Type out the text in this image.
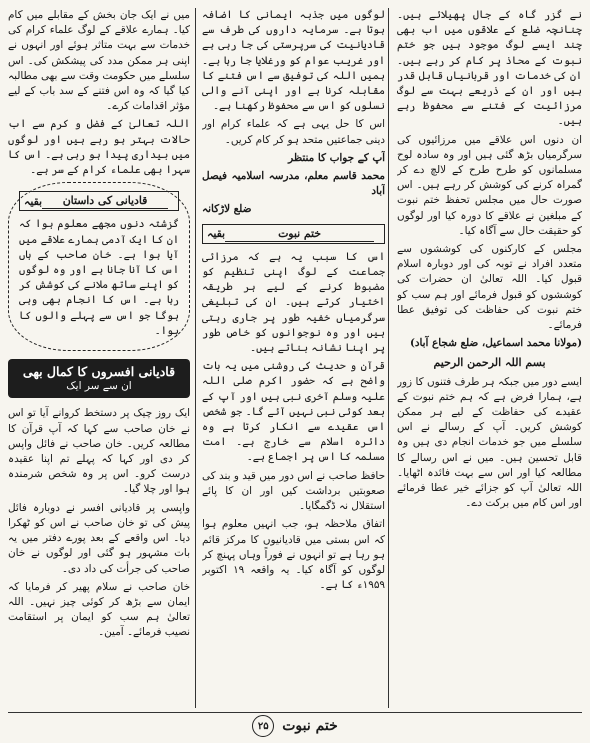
نے گزر گاہ کے جال پھیلائے ہیں۔ چنانچہ ضلع کے علاقوں میں اب بھی چند ایسے لوگ موجود ہیں جو ختم نبوت کے محاذ پر کام کر رہے ہیں۔ ان کی خدمات اور قربانیاں قابل قدر ہیں اور ان کے ذریعے بہت سے لوگ مرزائیت کے فتنے سے محفوظ رہے ہیں۔

ان دنوں اس علاقے میں مرزائیوں کی سرگرمیاں بڑھ گئی ہیں اور وہ سادہ لوح مسلمانوں کو طرح طرح کے لالچ دے کر گمراہ کرنے کی کوشش کر رہے ہیں۔ اس صورت حال میں مجلس تحفظ ختم نبوت کے مبلغین نے علاقے کا دورہ کیا اور لوگوں کو حقیقت حال سے آگاہ کیا۔

مجلس کے کارکنوں کی کوششوں سے متعدد افراد نے توبہ کی اور دوبارہ اسلام قبول کیا۔ اللہ تعالیٰ ان حضرات کی کوششوں کو قبول فرمائے اور ہم سب کو ختم نبوت کی حفاظت کی توفیق عطا فرمائے۔

(مولانا محمد اسماعیل، ضلع شجاع آباد)

بسم اللہ الرحمن الرحیم

ایسے دور میں جبکہ ہر طرف فتنوں کا زور ہے، ہمارا فرض ہے کہ ہم ختم نبوت کے عقیدے کی حفاظت کے لیے ہر ممکن کوشش کریں۔ آپ کے رسالے نے اس سلسلے میں جو خدمات انجام دی ہیں وہ قابل تحسین ہیں۔ میں نے اس رسالے کا مطالعہ کیا اور اس سے بہت فائدہ اٹھایا۔ اللہ تعالیٰ آپ کو جزائے خیر عطا فرمائے اور اس کام میں برکت دے۔

لوگوں میں جذبہ ایمانی کا اضافہ ہوتا ہے۔ سرمایہ داروں کی طرف سے قادیانیت کی سرپرستی کی جا رہی ہے اور غریب عوام کو ورغلایا جا رہا ہے۔ ہمیں اللہ کی توفیق سے اس فتنے کا مقابلہ کرنا ہے اور اپنی آنے والی نسلوں کو اس سے محفوظ رکھنا ہے۔

اس کا حل یہی ہے کہ علماء کرام اور دینی جماعتیں متحد ہو کر کام کریں۔

آپ کے جواب کا منتظر

محمد قاسم معلم، مدرسہ اسلامیہ فیصل آباد

ضلع لاڑکانہ

ختم نبوت
بقیہ

اس کا سبب یہ ہے کہ مرزائی جماعت کے لوگ اپنی تنظیم کو مضبوط کرنے کے لیے ہر طریقہ اختیار کرتے ہیں۔ ان کی تبلیغی سرگرمیاں خفیہ طور پر جاری رہتی ہیں اور وہ نوجوانوں کو خاص طور پر اپنا نشانہ بناتے ہیں۔

قرآن و حدیث کی روشنی میں یہ بات واضح ہے کہ حضور اکرم صلی اللہ علیہ وسلم آخری نبی ہیں اور آپ کے بعد کوئی نبی نہیں آئے گا۔ جو شخص اس عقیدے سے انکار کرتا ہے وہ دائرہ اسلام سے خارج ہے۔ امت مسلمہ کا اس پر اجماع ہے۔

حافظ صاحب نے اس دور میں قید و بند کی صعوبتیں برداشت کیں اور ان کا پائے استقلال نہ ڈگمگایا۔

اتفاق ملاحظہ ہو، جب انہیں معلوم ہوا کہ اس بستی میں قادیانیوں کا مرکز قائم ہو رہا ہے تو انہوں نے فوراً وہاں پہنچ کر لوگوں کو آگاہ کیا۔ یہ واقعہ ۱۹ اکتوبر ۱۹۵۹ء کا ہے۔

میں نے ایک جان بخش کے مقابلے میں کام کیا۔ ہمارے علاقے کے لوگ علماء کرام کی خدمات سے بہت متاثر ہوئے اور انہوں نے اپنی ہر ممکن مدد کی پیشکش کی۔ اس سلسلے میں حکومت وقت سے بھی مطالبہ کیا گیا کہ وہ اس فتنے کے سد باب کے لیے مؤثر اقدامات کرے۔

اللہ تعالیٰ کے فضل و کرم سے اب حالات بہتر ہو رہے ہیں اور لوگوں میں بیداری پیدا ہو رہی ہے۔ اس کا سہرا بھی علماء کرام کے سر ہے۔

قادیانی کی داستان
بقیہ

گزشتہ دنوں مجھے معلوم ہوا کہ ان کا ایک آدمی ہمارے علاقے میں آیا ہوا ہے۔ خان صاحب کے ہاں اس کا آنا جانا ہے اور وہ لوگوں کو اپنے ساتھ ملانے کی کوشش کر رہا ہے۔ اس کا انجام بھی وہی ہوگا جو اس سے پہلے والوں کا ہوا۔

قادیانی افسروں کا کمال بھی
ان سے سر ایک

ایک روز چیک پر دستخط کروانے آیا تو اس نے خان صاحب سے کہا کہ آپ قرآن کا مطالعہ کریں۔ خان صاحب نے فائل واپس کر دی اور کہا کہ پہلے تم اپنا عقیدہ درست کرو۔ اس پر وہ شخص شرمندہ ہوا اور چلا گیا۔

واپسی پر قادیانی افسر نے دوبارہ فائل پیش کی تو خان صاحب نے اس کو ٹھکرا دیا۔ اس واقعے کے بعد پورے دفتر میں یہ بات مشہور ہو گئی اور لوگوں نے خان صاحب کی جرأت کی داد دی۔

خان صاحب نے سلام پھیر کر فرمایا کہ ایمان سے بڑھ کر کوئی چیز نہیں۔ اللہ تعالیٰ ہم سب کو ایمان پر استقامت نصیب فرمائے۔ آمین۔

ختم نبوت
۲۵
